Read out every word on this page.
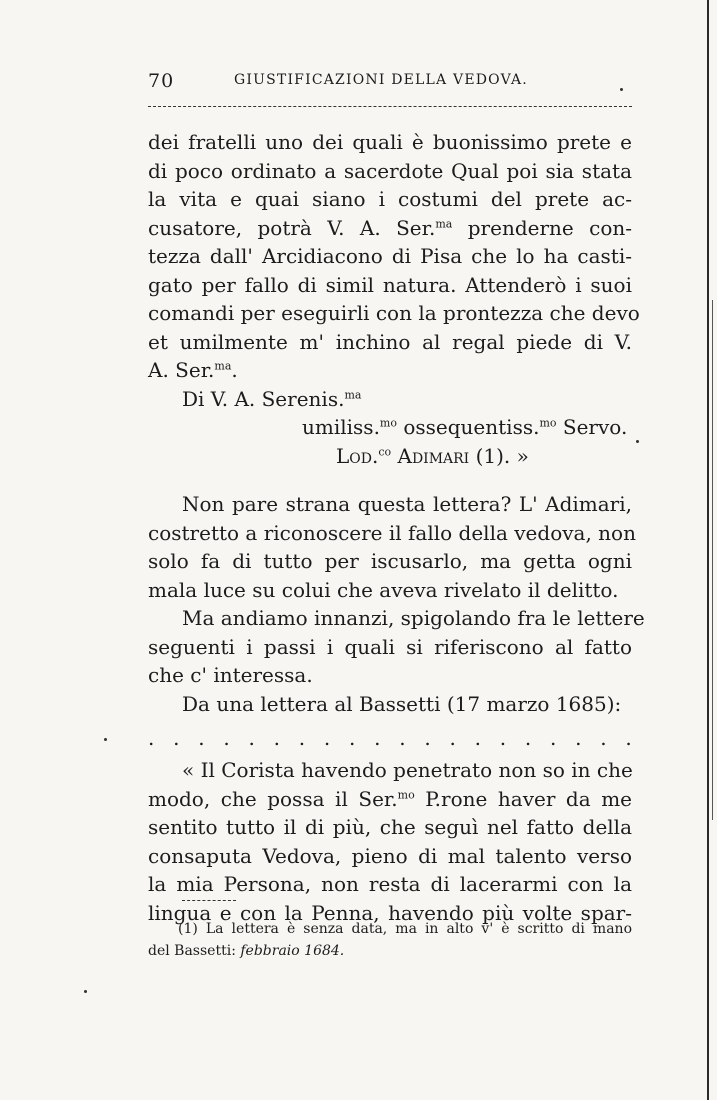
70	GIUSTIFICAZIONI DELLA VEDOVA.
dei fratelli uno dei quali è buonissimo prete e
di poco ordinato a sacerdote Qual poi sia stata
la vita e quai siano i costumi del prete ac-
cusatore, potrà V. A. Ser.$^{ma}$ prenderne con-
tezza dall' Arcidiacono di Pisa che lo ha casti-
gato per fallo di simil natura. Attenderò i suoi
comandi per eseguirli con la prontezza che devo
et umilmente m' inchino al regal piede di V.
A. Ser.$^{ma}$.
Di V. A. Serenis.$^{ma}$
umiliss.$^{mo}$ ossequentiss.$^{mo}$ Servo.
Lod.$^{co}$ Adimari (1). »
Non pare strana questa lettera? L' Adimari,
costretto a riconoscere il fallo della vedova, non
solo fa di tutto per iscusarlo, ma getta ogni
mala luce su colui che aveva rivelato il delitto.
Ma andiamo innanzi, spigolando fra le lettere
seguenti i passi i quali si riferiscono al fatto
che c' interessa.
Da una lettera al Bassetti (17 marzo 1685):
. . . . . . . . . . . . . . . . . . . .
« Il Corista havendo penetrato non so in che
modo, che possa il Ser.$^{mo}$ P.rone haver da me
sentito tutto il di più, che seguì nel fatto della
consaputa Vedova, pieno di mal talento verso
la mia Persona, non resta di lacerarmi con la
lingua e con la Penna, havendo più volte spar-
(1) La lettera è senza data, ma in alto v' è scritto di mano
del Bassetti: febbraio 1684.
